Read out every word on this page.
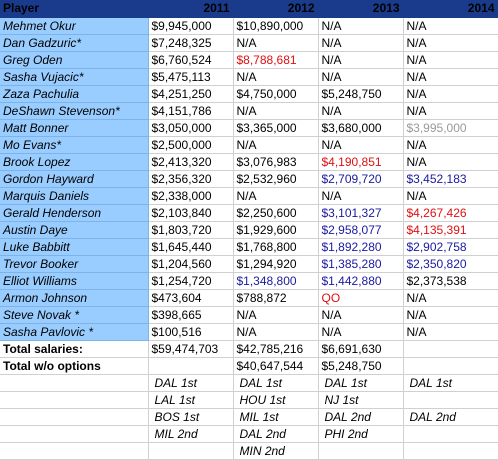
Player	2011	2012	2013	2014
Mehmet Okur	$9,945,000	$10,890,000	N/A	N/A
Dan Gadzuric*	$7,248,325	N/A	N/A	N/A
Greg Oden	$6,760,524	$8,788,681	N/A	N/A
Sasha Vujacic*	$5,475,113	N/A	N/A	N/A
Zaza Pachulia	$4,251,250	$4,750,000	$5,248,750	N/A
DeShawn Stevenson*	$4,151,786	N/A	N/A	N/A
Matt Bonner	$3,050,000	$3,365,000	$3,680,000	$3,995,000
Mo Evans*	$2,500,000	N/A	N/A	N/A
Brook Lopez	$2,413,320	$3,076,983	$4,190,851	N/A
Gordon Hayward	$2,356,320	$2,532,960	$2,709,720	$3,452,183
Marquis Daniels	$2,338,000	N/A	N/A	N/A
Gerald Henderson	$2,103,840	$2,250,600	$3,101,327	$4,267,426
Austin Daye	$1,803,720	$1,929,600	$2,958,077	$4,135,391
Luke Babbitt	$1,645,440	$1,768,800	$1,892,280	$2,902,758
Trevor Booker	$1,204,560	$1,294,920	$1,385,280	$2,350,820
Elliot Williams	$1,254,720	$1,348,800	$1,442,880	$2,373,538
Armon Johnson	$473,604	$788,872	QO	N/A
Steve Novak *	$398,665	N/A	N/A	N/A
Sasha Pavlovic *	$100,516	N/A	N/A	N/A
Total salaries:	$59,474,703	$42,785,216	$6,691,630	
Total w/o options		$40,647,544	$5,248,750	
	DAL 1st	DAL 1st	DAL 1st	DAL 1st
	LAL 1st	HOU 1st	NJ 1st	
	BOS 1st	MIL 1st	DAL 2nd	DAL 2nd
	MIL 2nd	DAL 2nd	PHI 2nd	
		MIN 2nd		
